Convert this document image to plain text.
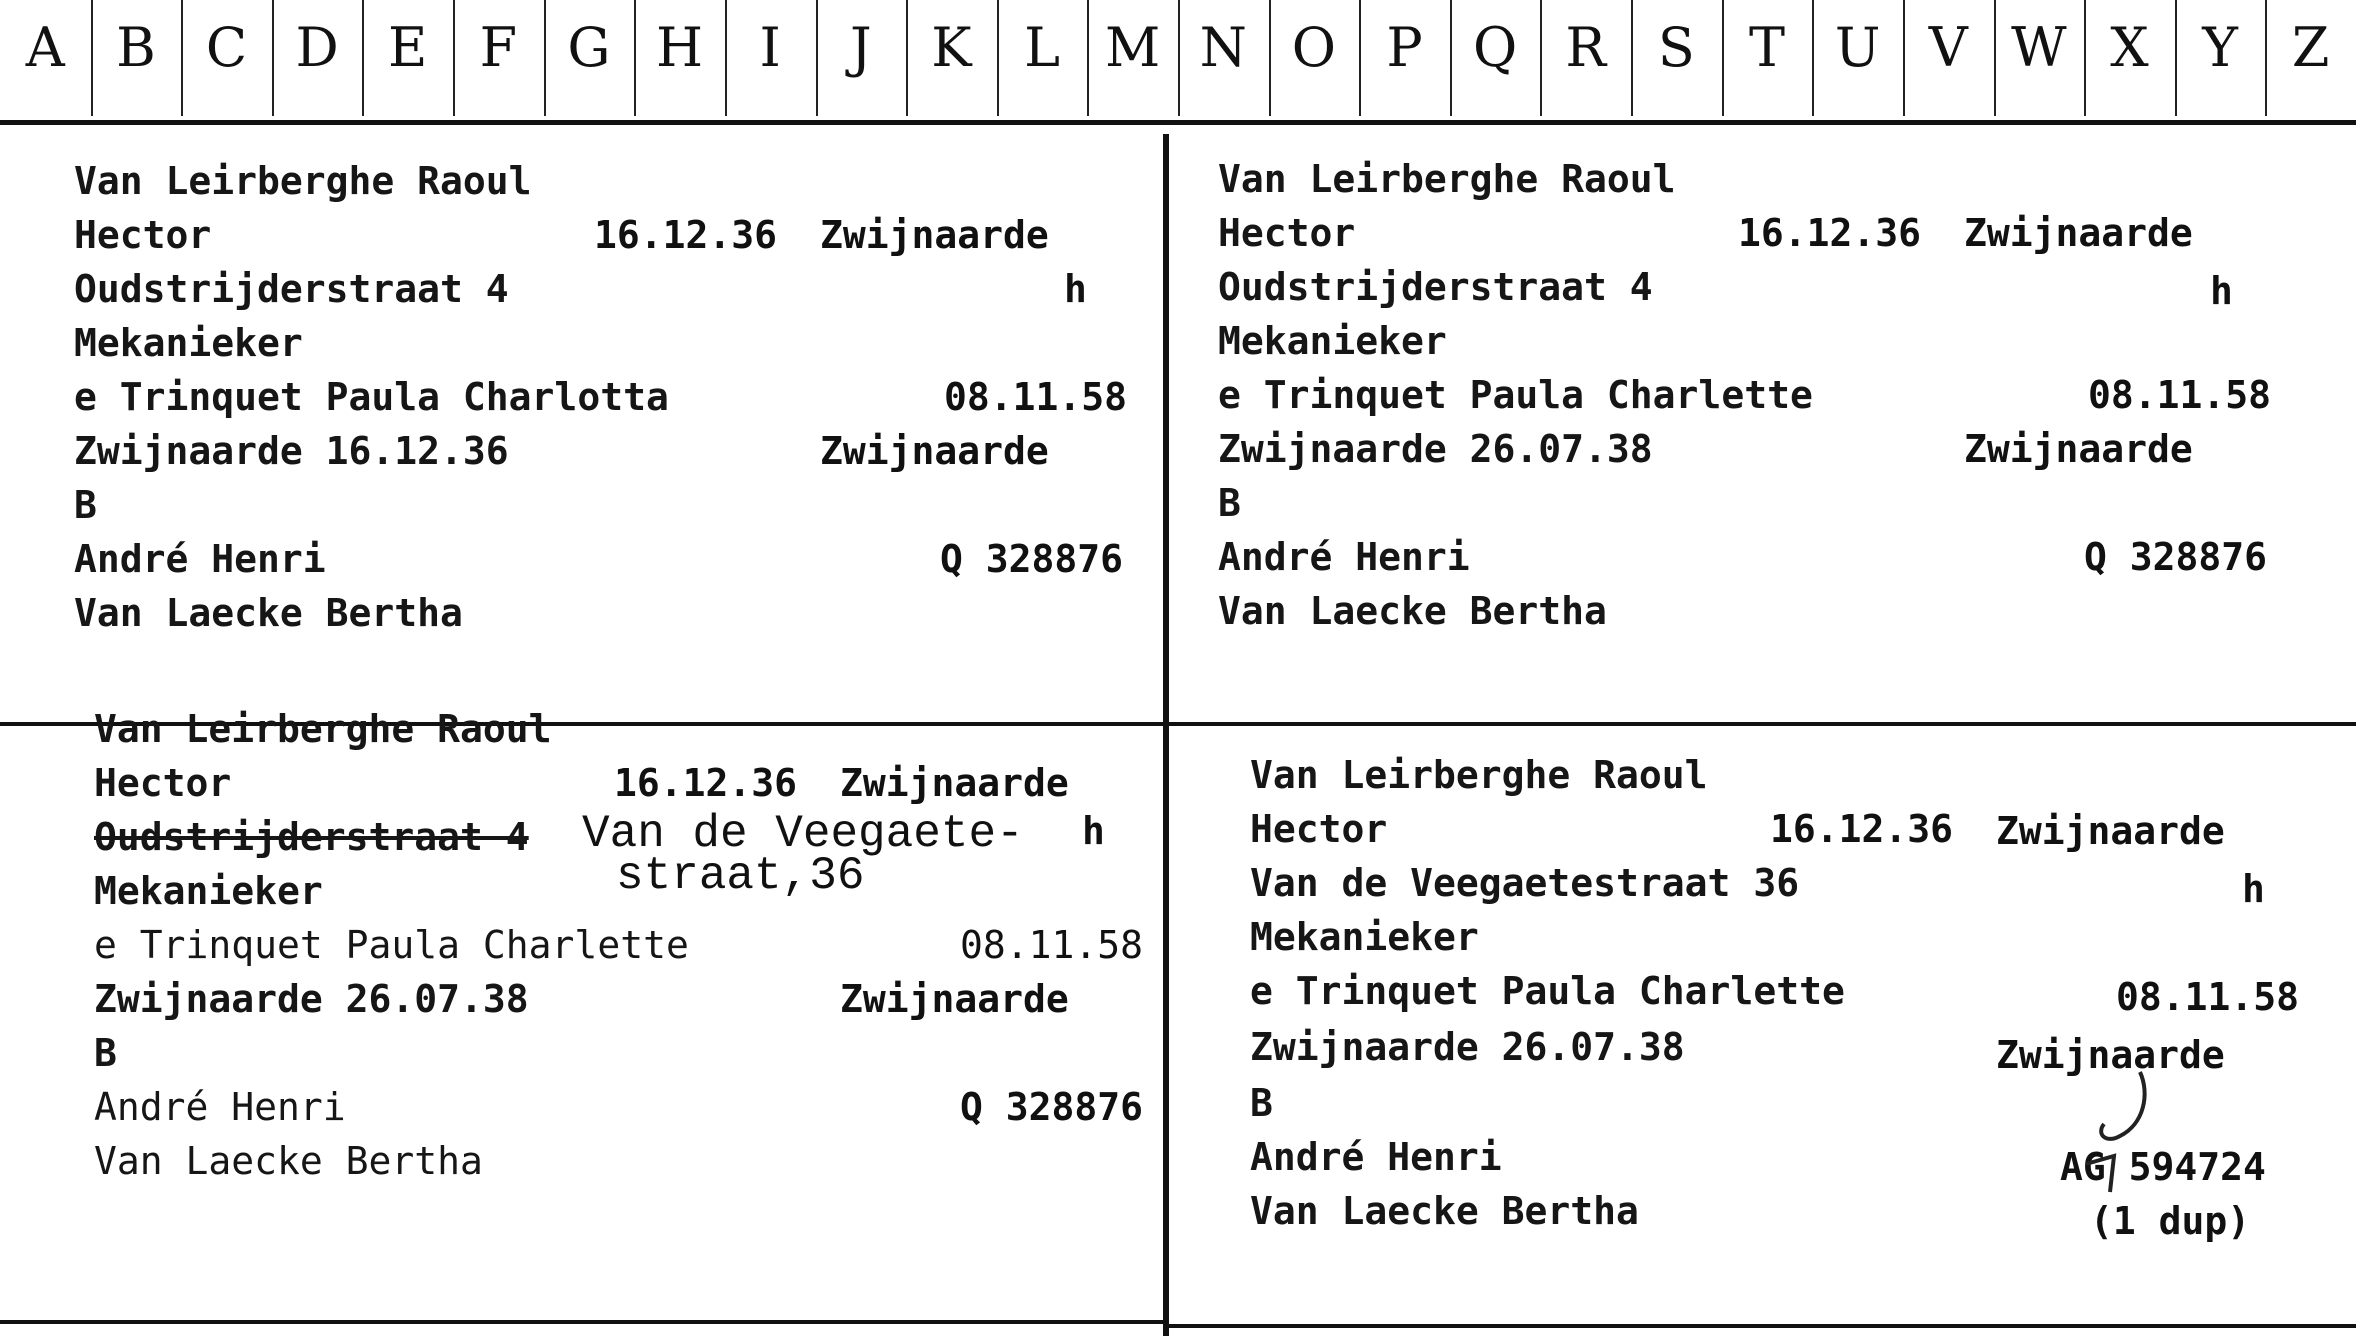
A B C D E F G H	I	J	K L M N O P Q R S	T U V W X Y	Z
Van Leirberghe Raoul
Hector	16.12.36 Zwijnaarde
Oudstrijderstraat 4	h
Mekanieker
e Trinquet Paula Charlotta	08.11.58
Zwijnaarde 16.12.36	Zwijnaarde
B
André Henri	Q 328876
Van Laecke Bertha
Van Leirberghe Raoul
Hector	16.12.36 Zwijnaarde
Oudstrijderstraat 4	h
Mekanieker
e Trinquet Paula Charlette	08.11.58
Zwijnaarde 26.07.38	Zwijnaarde
B
André Henri	Q 328876
Van Laecke Bertha
Van Leirberghe Raoul
Hector	16.12.36 Zwijnaarde
Oudstrijderstraat 4 Van de Veegaete-
straat,36
h
Mekanieker
e Trinquet Paula Charlette	08.11.58
Zwijnaarde 26.07.38	Zwijnaarde
B
André Henri	Q 328876
Van Laecke Bertha
Van Leirberghe Raoul
Hector	16.12.36 Zwijnaarde
Van de Veegaetestraat 36	h
Mekanieker
e Trinquet Paula Charlette	08.11.58
Zwijnaarde 26.07.38	Zwijnaarde
B
André Henri	AG 594724
Van Laecke Bertha	(1 dup)
